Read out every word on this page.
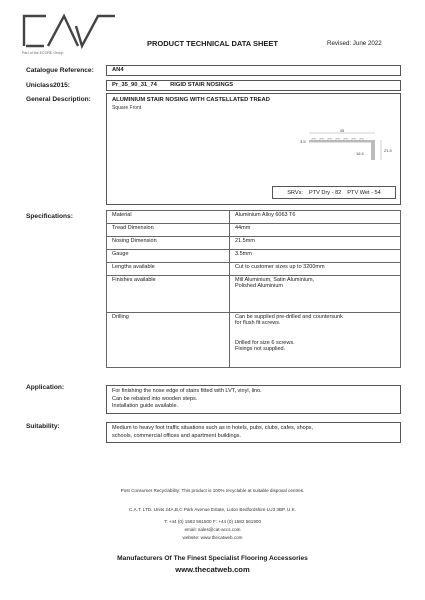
Part of the ECORE Group
PRODUCT TECHNICAL DATA SHEET	Revised: June 2022
Catalogue Reference:	AN4
Uniclass2015:	Pr_35_90_31_74 RIGID STAIR NOSINGS
General Description:	ALUMINIUM STAIR NOSING WITH CASTELLATED TREAD
Square Front
45
3.5
16.5
21.5
SRVs: PTV Dry - 82 PTV Wet - 54
Specifications:	Material	Aluminium Alloy 6063 T6
Tread Dimension	44mm
Nosing Dimension	21.5mm
Gauge	3.5mm
Lengths available	Cut to customer sizes up to 3200mm
Finishes available	Mill Aluminium, Satin Aluminium,
Polished Aluminium

Drilling	Can be supplied pre-drilled and countersunk
for flush fit screws.
Drilled for size 6 screws.
Fixings not supplied.
Application:	For finishing the nose edge of stairs fitted with LVT, vinyl, lino.
Can be rebated into wooden steps.
Installation guide available.
Suitability:	Medium to heavy foot traffic situations such as in hotels, pubs, clubs, cafes, shops,
schools, commercial offices and apartment buildings.
Post Consumer Recyclability: This product is 100% recyclable at suitable disposal centres.
C.A.T. LTD. Units 24A,B,C Park Avenue Estate, Luton Bedfordshire LU3 3BP. U.K.
T: +44 (0) 1582 561500 F: +44 (0) 1582 561900
email: sales@cat-accs.com
website: www.thecatweb.com
Manufacturers Of The Finest Specialist Flooring Accessories
www.thecatweb.com
